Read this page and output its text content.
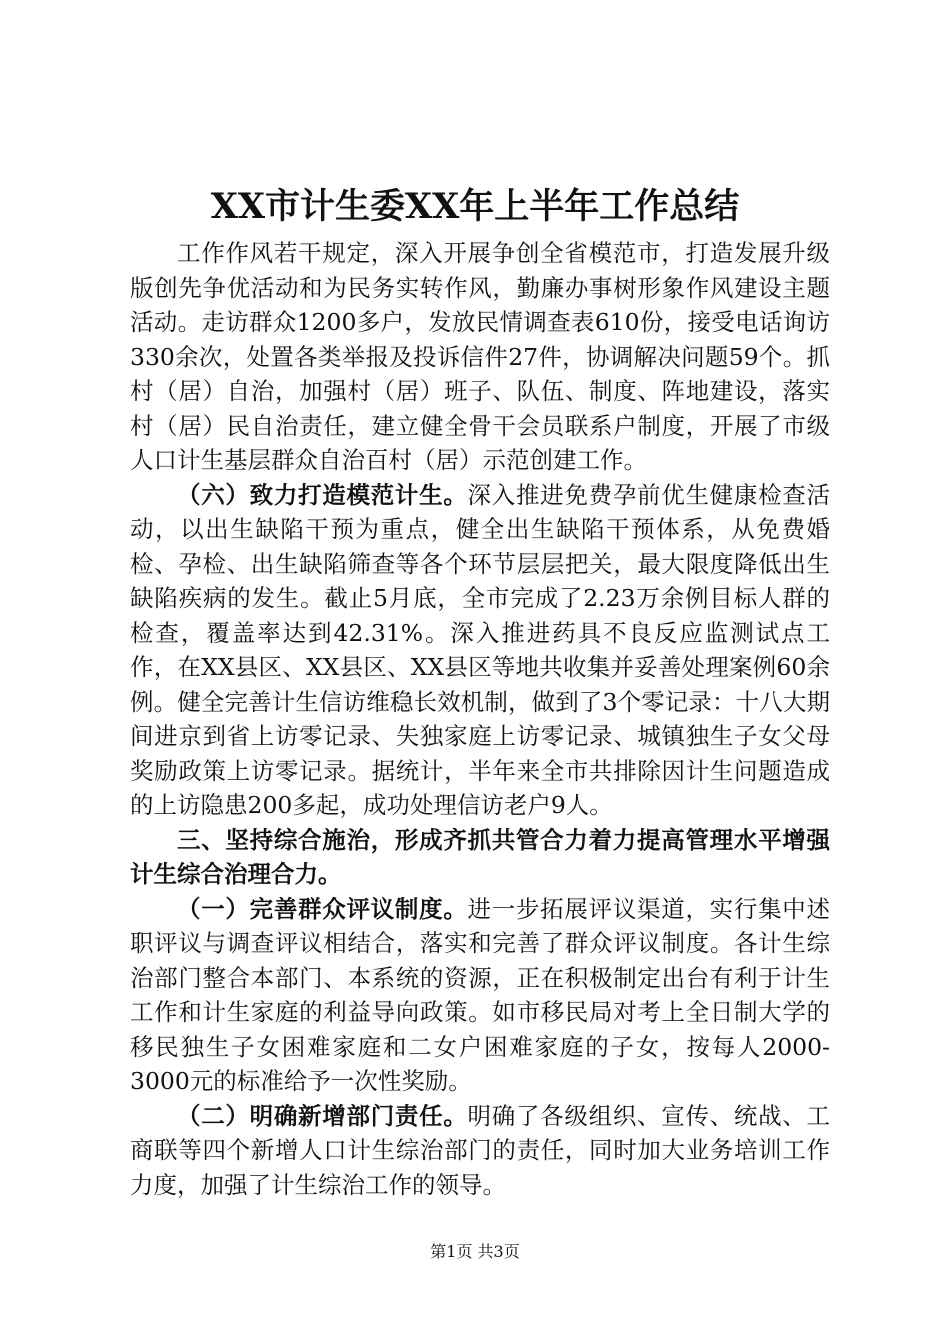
XX市计生委XX年上半年工作总结

工作作风若干规定，深入开展争创全省模范市，打造发展升级版创先争优活动和为民务实转作风，勤廉办事树形象作风建设主题活动。走访群众1200多户，发放民情调查表610份，接受电话询访330余次，处置各类举报及投诉信件27件，协调解决问题59个。抓村（居）自治，加强村（居）班子、队伍、制度、阵地建设，落实村（居）民自治责任，建立健全骨干会员联系户制度，开展了市级人口计生基层群众自治百村（居）示范创建工作。

（六）致力打造模范计生。深入推进免费孕前优生健康检查活动，以出生缺陷干预为重点，健全出生缺陷干预体系，从免费婚检、孕检、出生缺陷筛查等各个环节层层把关，最大限度降低出生缺陷疾病的发生。截止5月底，全市完成了2.23万余例目标人群的检查，覆盖率达到42.31%。深入推进药具不良反应监测试点工作，在XX县区、XX县区、XX县区等地共收集并妥善处理案例60余例。健全完善计生信访维稳长效机制，做到了3个零记录：十八大期间进京到省上访零记录、失独家庭上访零记录、城镇独生子女父母奖励政策上访零记录。据统计，半年来全市共排除因计生问题造成的上访隐患200多起，成功处理信访老户9人。

三、坚持综合施治，形成齐抓共管合力着力提高管理水平增强计生综合治理合力。

（一）完善群众评议制度。进一步拓展评议渠道，实行集中述职评议与调查评议相结合，落实和完善了群众评议制度。各计生综治部门整合本部门、本系统的资源，正在积极制定出台有利于计生工作和计生家庭的利益导向政策。如市移民局对考上全日制大学的移民独生子女困难家庭和二女户困难家庭的子女，按每人2000-3000元的标准给予一次性奖励。

（二）明确新增部门责任。明确了各级组织、宣传、统战、工商联等四个新增人口计生综治部门的责任，同时加大业务培训工作力度，加强了计生综治工作的领导。

第1页 共3页
